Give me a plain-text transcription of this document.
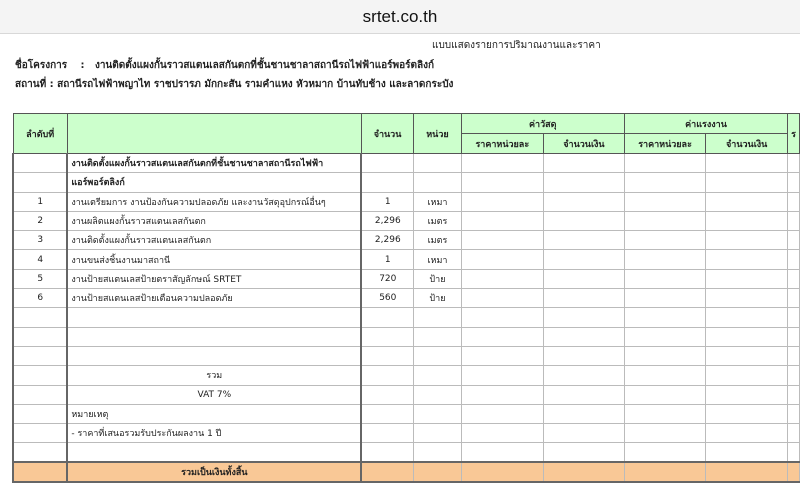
srtet.co.th
แบบแสดงรายการปริมาณงานและราคา
ชื่อโครงการ : งานติดตั้งแผงกั้นราวสแตนเลสกันตกที่ชั้นชานชาลาสถานีรถไฟฟ้าแอร์พอร์ตลิงก์
สถานที่ : สถานีรถไฟฟ้าพญาไท ราชปรารภ มักกะสัน รามคำแหง หัวหมาก บ้านทับช้าง และลาดกระบัง
ลำดับที่		จำนวน	หน่วย	ค่าวัสดุ		ค่าแรงงาน		ร
				ราคาหน่วยละ	จำนวนเงิน	ราคาหน่วยละ	จำนวนเงิน	
	งานติดตั้งแผงกั้นราวสแตนเลสกันตกที่ชั้นชานชาลาสถานีรถไฟฟ้า							
	แอร์พอร์ตลิงก์							
1	งานเตรียมการ งานป้องกันความปลอดภัย และงานวัสดุอุปกรณ์อื่นๆ	1	เหมา					
2	งานผลิตแผงกั้นราวสแตนเลสกันตก	2,296	เมตร					
3	งานติดตั้งแผงกั้นราวสแตนเลสกันตก	2,296	เมตร					
4	งานขนส่งชิ้นงานมาสถานี	1	เหมา					
5	งานป้ายสแตนเลสป้ายตราสัญลักษณ์ SRTET	720	ป้าย					
6	งานป้ายสแตนเลสป้ายเตือนความปลอดภัย	560	ป้าย					

	รวม							
	VAT 7%							
	หมายเหตุ							
	- ราคาที่เสนอรวมรับประกันผลงาน 1 ปี							

	รวมเป็นเงินทั้งสิ้น							
